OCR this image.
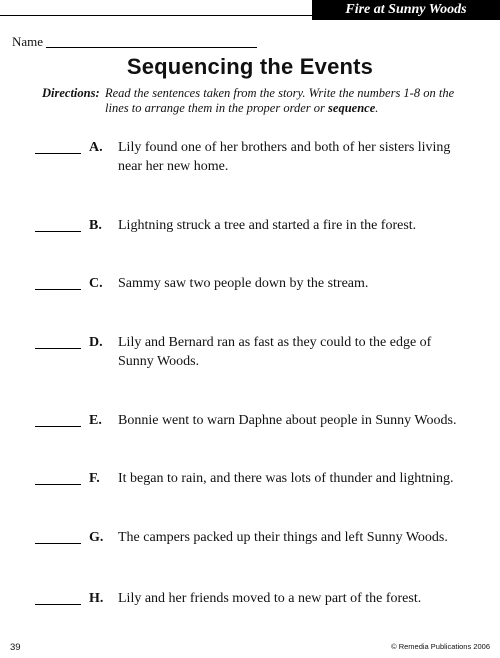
Fire at Sunny Woods
Name
Sequencing the Events
Directions: Read the sentences taken from the story. Write the numbers 1-8 on the lines to arrange them in the proper order or sequence.
A. Lily found one of her brothers and both of her sisters living near her new home.
B. Lightning struck a tree and started a fire in the forest.
C. Sammy saw two people down by the stream.
D. Lily and Bernard ran as fast as they could to the edge of Sunny Woods.
E. Bonnie went to warn Daphne about people in Sunny Woods.
F. It began to rain, and there was lots of thunder and lightning.
G. The campers packed up their things and left Sunny Woods.
H. Lily and her friends moved to a new part of the forest.
39	© Remedia Publications 2006
